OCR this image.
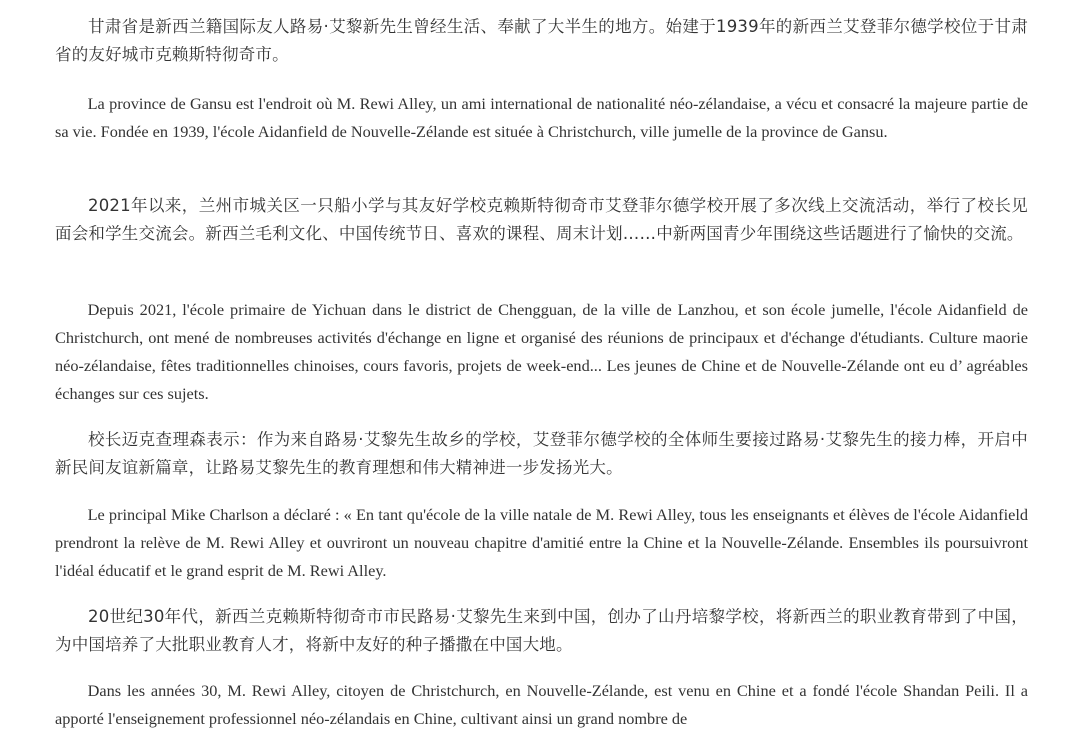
甘肃省是新西兰籍国际友人路易·艾黎新先生曾经生活、奉献了大半生的地方。始建于1939年的新西兰艾登菲尔德学校位于甘肃省的友好城市克赖斯特彻奇市。

La province de Gansu est l'endroit où M. Rewi Alley, un ami international de nationalité néo-zélandaise, a vécu et consacré la majeure partie de sa vie. Fondée en 1939, l'école Aidanfield de Nouvelle-Zélande est située à Christchurch, ville jumelle de la province de Gansu.

2021年以来，兰州市城关区一只船小学与其友好学校克赖斯特彻奇市艾登菲尔德学校开展了多次线上交流活动，举行了校长见面会和学生交流会。新西兰毛利文化、中国传统节日、喜欢的课程、周末计划……中新两国青少年围绕这些话题进行了愉快的交流。

Depuis 2021, l'école primaire de Yichuan dans le district de Chengguan, de la ville de Lanzhou, et son école jumelle, l'école Aidanfield de Christchurch, ont mené de nombreuses activités d'échange en ligne et organisé des réunions de principaux et d'échange d'étudiants. Culture maorie néo-zélandaise, fêtes traditionnelles chinoises, cours favoris, projets de week-end... Les jeunes de Chine et de Nouvelle-Zélande ont eu d’ agréables échanges sur ces sujets.

校长迈克查理森表示：作为来自路易·艾黎先生故乡的学校，艾登菲尔德学校的全体师生要接过路易·艾黎先生的接力棒，开启中新民间友谊新篇章，让路易艾黎先生的教育理想和伟大精神进一步发扬光大。

Le principal Mike Charlson a déclaré : « En tant qu'école de la ville natale de M. Rewi Alley, tous les enseignants et élèves de l'école Aidanfield prendront la relève de M. Rewi Alley et ouvriront un nouveau chapitre d'amitié entre la Chine et la Nouvelle-Zélande. Ensembles ils poursuivront l'idéal éducatif et le grand esprit de M. Rewi Alley.

20世纪30年代，新西兰克赖斯特彻奇市市民路易·艾黎先生来到中国，创办了山丹培黎学校，将新西兰的职业教育带到了中国，为中国培养了大批职业教育人才，将新中友好的种子播撒在中国大地。

Dans les années 30, M. Rewi Alley, citoyen de Christchurch, en Nouvelle-Zélande, est venu en Chine et a fondé l'école Shandan Peili. Il a apporté l'enseignement professionnel néo-zélandais en Chine, cultivant ainsi un grand nombre de
